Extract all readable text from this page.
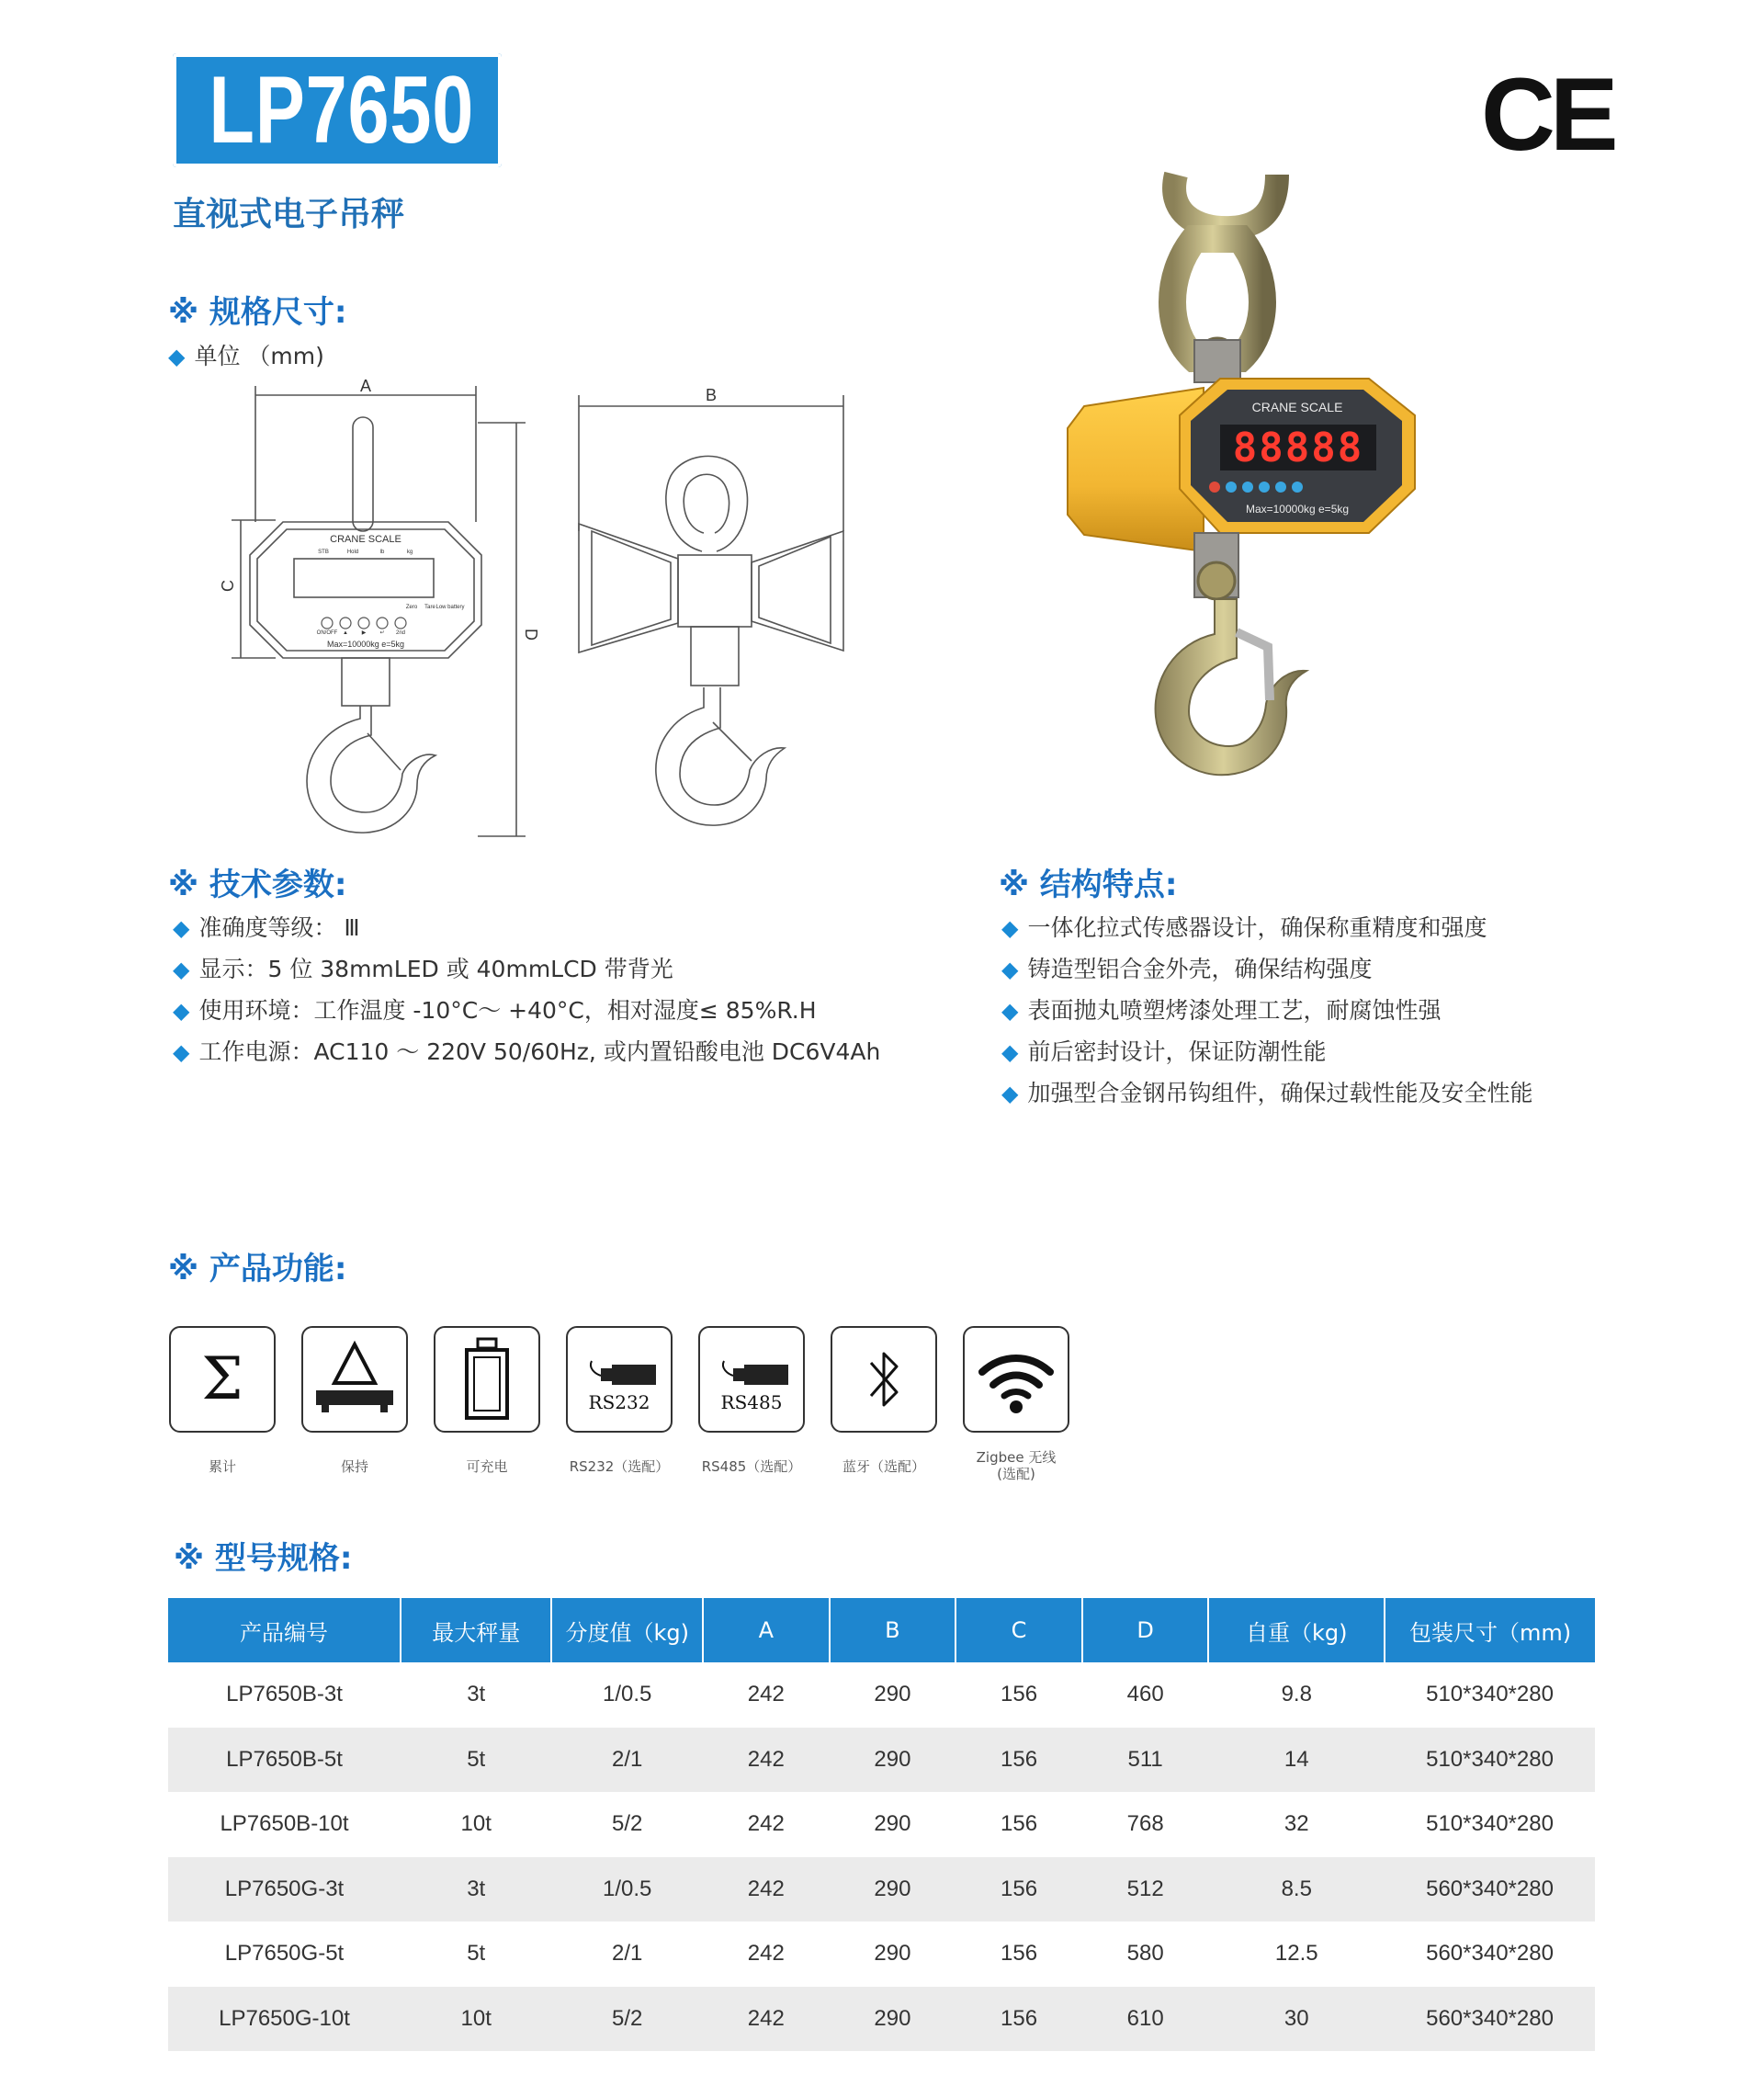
LP7650
直视式电子吊秤
CE
※ 规格尺寸:
◆ 单位 （mm)
A
C
D
CRANE SCALE
STB	Hold	lb	kg
Zero Tare Low battery
ON/OFF ▲ ▶	↵ 2nd
Max=10000kg e=5kg
B
CRANE SCALE
88888
Max=10000kg e=5kg
※ 技术参数:
◆ 准确度等级： Ⅲ
◆ 显示：5 位 38mmLED 或 40mmLCD 带背光
◆ 使用环境：工作温度 -10°C～ +40°C，相对湿度≤ 85%R.H
◆ 工作电源：AC110 ～ 220V 50/60Hz, 或内置铅酸电池 DC6V4Ah
※ 结构特点:
◆ 一体化拉式传感器设计，确保称重精度和强度
◆ 铸造型铝合金外壳，确保结构强度
◆ 表面抛丸喷塑烤漆处理工艺，耐腐蚀性强
◆ 前后密封设计，保证防潮性能
◆ 加强型合金钢吊钩组件，确保过载性能及安全性能
※ 产品功能:
Σ	RS232	RS485
累计	保持	可充电	RS232（选配）	RS485（选配）	蓝牙（选配）
Zigbee 无线
(选配)
※ 型号规格:
产品编号	最大秤量	分度值（kg)	A	B	C	D	自重（kg)	包装尺寸（mm)
LP7650B-3t	3t	1/0.5	242	290	156	460	9.8	510*340*280
LP7650B-5t	5t	2/1	242	290	156	511	14	510*340*280
LP7650B-10t	10t	5/2	242	290	156	768	32	510*340*280
LP7650G-3t	3t	1/0.5	242	290	156	512	8.5	560*340*280
LP7650G-5t	5t	2/1	242	290	156	580	12.5	560*340*280
LP7650G-10t	10t	5/2	242	290	156	610	30	560*340*280
